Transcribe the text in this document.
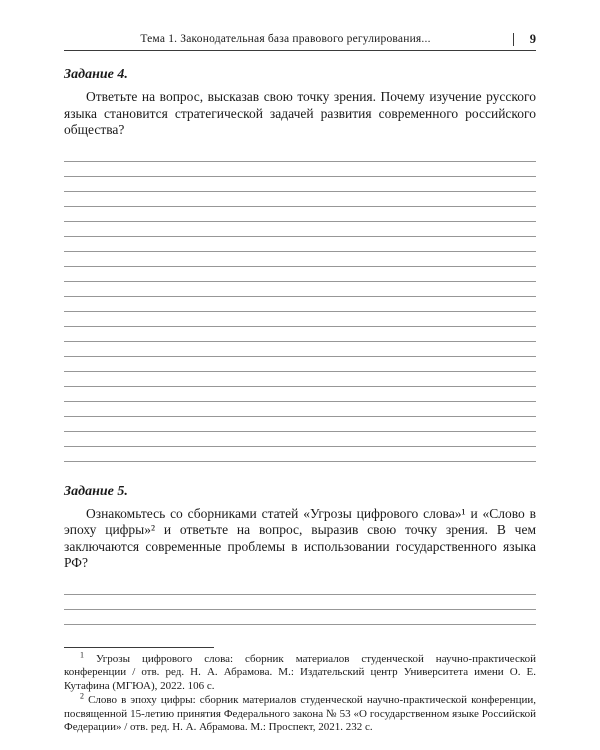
Тема 1. Законодательная база правового регулирования...	9
Задание 4.

Ответьте на вопрос, высказав свою точку зрения. Почему изучение русского языка становится стратегической задачей развития современного российского общества?

Задание 5.

Ознакомьтесь со сборниками статей «Угрозы цифрового слова»¹ и «Слово в эпоху цифры»² и ответьте на вопрос, выразив свою точку зрения. В чем заключаются современные проблемы в использовании государственного языка РФ?

$^1$ Угрозы цифрового слова: сборник материалов студенческой научно-практической конференции / отв. ред. Н. А. Абрамова. М.: Издательский центр Университета имени О. Е. Кутафина (МГЮА), 2022. 106 с.

$^2$ Слово в эпоху цифры: сборник материалов студенческой научно-практической конференции, посвященной 15-летию принятия Федерального закона № 53 «О государственном языке Российской Федерации» / отв. ред. Н. А. Абрамова. М.: Проспект, 2021. 232 с.
